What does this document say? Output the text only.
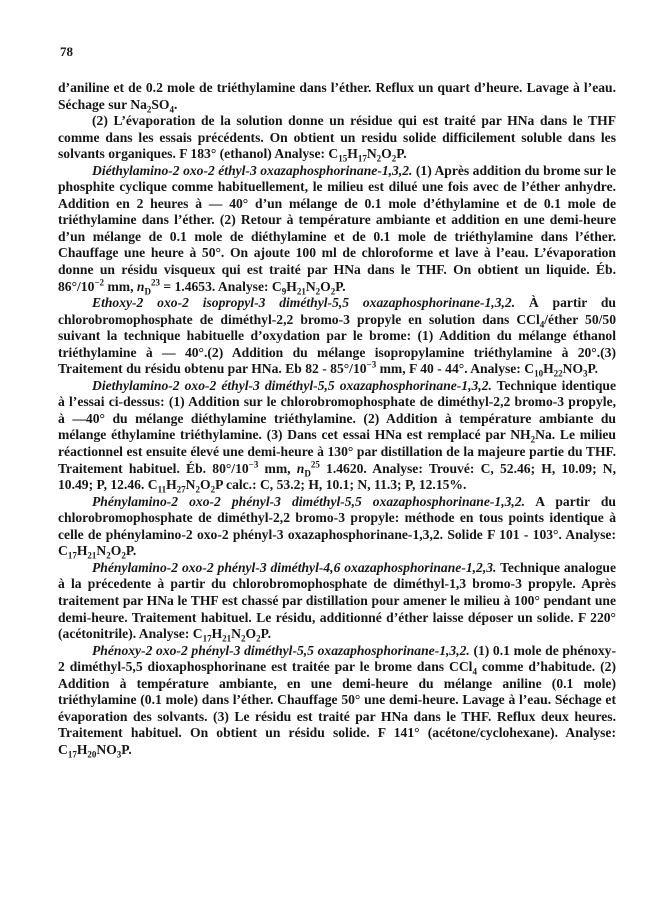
78

d’aniline et de 0.2 mole de triéthylamine dans l’éther. Reflux un quart d’heure. Lavage à l’eau. Séchage sur $Na_2SO_4$.

(2) L’évaporation de la solution donne un résidue qui est traité par HNa dans le THF comme dans les essais précédents. On obtient un residu solide difficilement soluble dans les solvants organiques. F 183° (ethanol) Analyse: $C_{15}H_{17}N_2O_2P$.

Diéthylamino-2 oxo-2 éthyl-3 oxazaphosphorinane-1,3,2. (1) Après addition du brome sur le phosphite cyclique comme habituellement, le milieu est dilué une fois avec de l’éther anhydre. Addition en 2 heures à — 40° d’un mélange de 0.1 mole d’éthylamine et de 0.1 mole de triéthylamine dans l’éther. (2) Retour à température ambiante et addition en une demi-heure d’un mélange de 0.1 mole de diéthylamine et de 0.1 mole de triéthylamine dans l’éther. Chauffage une heure à 50°. On ajoute 100 ml de chloroforme et lave à l’eau. L’évaporation donne un résidu visqueux qui est traité par HNa dans le THF. On obtient un liquide. Éb. $86^\circ/10^{-2}$ mm, $n_D^{23} = 1.4653$. Analyse: $C_9H_{21}N_2O_2P$.

Ethoxy-2 oxo-2 isopropyl-3 diméthyl-5,5 oxazaphosphorinane-1,3,2. À partir du chlorobromophosphate de diméthyl-2,2 bromo-3 propyle en solution dans CCl$_4$/éther 50/50 suivant la technique habituelle d’oxydation par le brome: (1) Addition du mélange éthanol triéthylamine à — 40°.(2) Addition du mélange isopropylamine triéthylamine à 20°.(3) Traitement du résidu obtenu par HNa. Eb $82 - 85^\circ/10^{-3}$ mm, F 40 - 44°. Analyse: $C_{10}H_{22}NO_3P$.

Diethylamino-2 oxo-2 éthyl-3 diméthyl-5,5 oxazaphosphorinane-1,3,2. Technique identique à l’essai ci-dessus: (1) Addition sur le chlorobromophosphate de diméthyl-2,2 bromo-3 propyle, à —40° du mélange diéthylamine triéthylamine. (2) Addition à température ambiante du mélange éthylamine triéthylamine. (3) Dans cet essai HNa est remplacé par $NH_2Na$. Le milieu réactionnel est ensuite élevé une demi-heure à 130° par distillation de la majeure partie du THF. Traitement habituel. Éb. $80^\circ/10^{-3}$ mm, $n_D^{25}$ 1.4620. Analyse: Trouvé: C, 52.46; H, 10.09; N, 10.49; P, 12.46. $C_{11}H_{27}N_2O_2P$ calc.: C, 53.2; H, 10.1; N, 11.3; P, 12.15%.

Phénylamino-2 oxo-2 phényl-3 diméthyl-5,5 oxazaphosphorinane-1,3,2. A partir du chlorobromophosphate de diméthyl-2,2 bromo-3 propyle: méthode en tous points identique à celle de phénylamino-2 oxo-2 phényl-3 oxazaphosphorinane-1,3,2. Solide F 101 - 103°. Analyse: $C_{17}H_{21}N_2O_2P$.

Phénylamino-2 oxo-2 phényl-3 diméthyl-4,6 oxazaphosphorinane-1,2,3. Technique analogue à la précedente à partir du chlorobromophosphate de diméthyl-1,3 bromo-3 propyle. Après traitement par HNa le THF est chassé par distillation pour amener le milieu à 100° pendant une demi-heure. Traitement habituel. Le résidu, additionné d’éther laisse déposer un solide. F 220° (acétonitrile). Analyse: $C_{17}H_{21}N_2O_2P$.

Phénoxy-2 oxo-2 phényl-3 diméthyl-5,5 oxazaphosphorinane-1,3,2. (1) 0.1 mole de phénoxy-2 diméthyl-5,5 dioxaphosphorinane est traitée par le brome dans CCl$_4$ comme d’habitude. (2) Addition à température ambiante, en une demi-heure du mélange aniline (0.1 mole) triéthylamine (0.1 mole) dans l’éther. Chauffage 50° une demi-heure. Lavage à l’eau. Séchage et évaporation des solvants. (3) Le résidu est traité par HNa dans le THF. Reflux deux heures. Traitement habituel. On obtient un résidu solide. F 141° (acétone/cyclohexane). Analyse: $C_{17}H_{20}NO_3P$.
